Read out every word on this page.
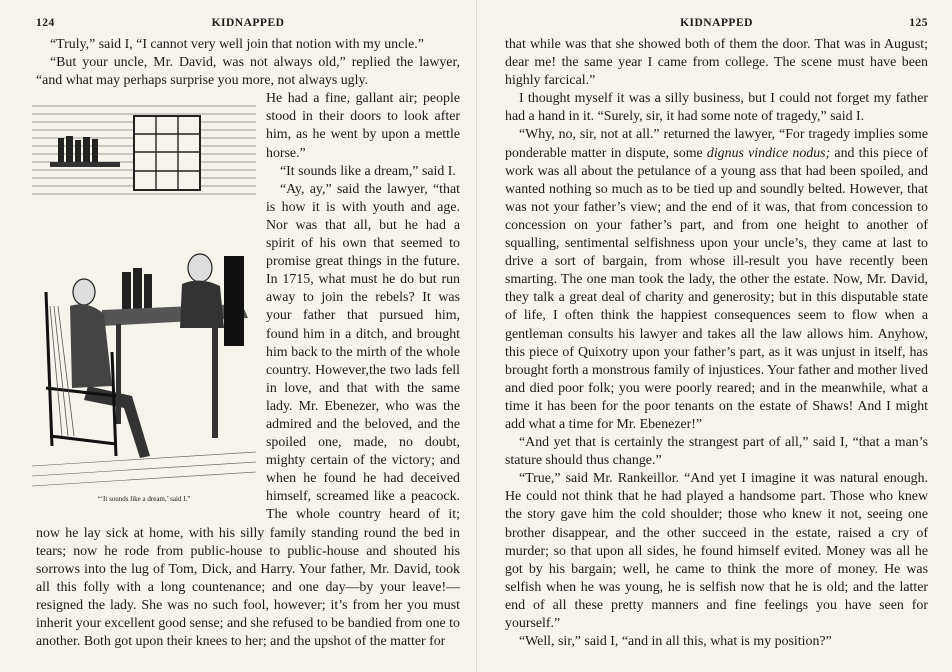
124	KIDNAPPED

“Truly,” said I, “I cannot very well join that notion with my uncle.”

“But your uncle, Mr. David, was not always old,” replied the lawyer, “and what may perhaps surprise you more, not always ugly.

“‘It sounds like a dream,’ said I.”

He had a fine, gallant air; people stood in their doors to look after him, as he went by upon a mettle horse.”

“It sounds like a dream,” said I.

“Ay, ay,” said the lawyer, “that is how it is with youth and age. Nor was that all, but he had a spirit of his own that seemed to promise great things in the future. In 1715, what must he do but run away to join the rebels? It was your father that pursued him, found him in a ditch, and brought him back to the mirth of the whole country. However,the two lads fell in love, and that with the same lady. Mr. Ebenezer, who was the admired and the beloved, and the spoiled one, made, no doubt, mighty certain of the victory; and when he found he had deceived himself, screamed like a peacock. The whole country heard of it; now he lay sick at home, with his silly family standing round the bed in tears; now he rode from public-house to public-house and shouted his sorrows into the lug of Tom, Dick, and Harry. Your father, Mr. David, took all this folly with a long countenance; and one day—by your leave!—resigned the lady. She was no such fool, however; it’s from her you must inherit your excellent good sense; and she refused to be bandied from one to another. Both got upon their knees to her; and the upshot of the matter for

KIDNAPPED	125

that while was that she showed both of them the door. That was in August; dear me! the same year I came from college. The scene must have been highly farcical.”

I thought myself it was a silly business, but I could not forget my father had a hand in it. “Surely, sir, it had some note of tragedy,” said I.

“Why, no, sir, not at all.” returned the lawyer, “For tragedy implies some ponderable matter in dispute, some dignus vindice nodus; and this piece of work was all about the petulance of a young ass that had been spoiled, and wanted nothing so much as to be tied up and soundly belted. However, that was not your father’s view; and the end of it was, that from concession to concession on your father’s part, and from one height to another of squalling, sentimental selfishness upon your uncle’s, they came at last to drive a sort of bargain, from whose ill-result you have recently been smarting. The one man took the lady, the other the estate. Now, Mr. David, they talk a great deal of charity and generosity; but in this disputable state of life, I often think the happiest consequences seem to flow when a gentleman consults his lawyer and takes all the law allows him. Anyhow, this piece of Quixotry upon your father’s part, as it was unjust in itself, has brought forth a monstrous family of injustices. Your father and mother lived and died poor folk; you were poorly reared; and in the meanwhile, what a time it has been for the poor tenants on the estate of Shaws! And I might add what a time for Mr. Ebenezer!”

“And yet that is certainly the strangest part of all,” said I, “that a man’s stature should thus change.”

“True,” said Mr. Rankeillor. “And yet I imagine it was natural enough. He could not think that he had played a handsome part. Those who knew the story gave him the cold shoulder; those who knew it not, seeing one brother disappear, and the other succeed in the estate, raised a cry of murder; so that upon all sides, he found himself evited. Money was all he got by his bargain; well, he came to think the more of money. He was selfish when he was young, he is selfish now that he is old; and the latter end of all these pretty manners and fine feelings you have seen for yourself.”

“Well, sir,” said I, “and in all this, what is my position?”
